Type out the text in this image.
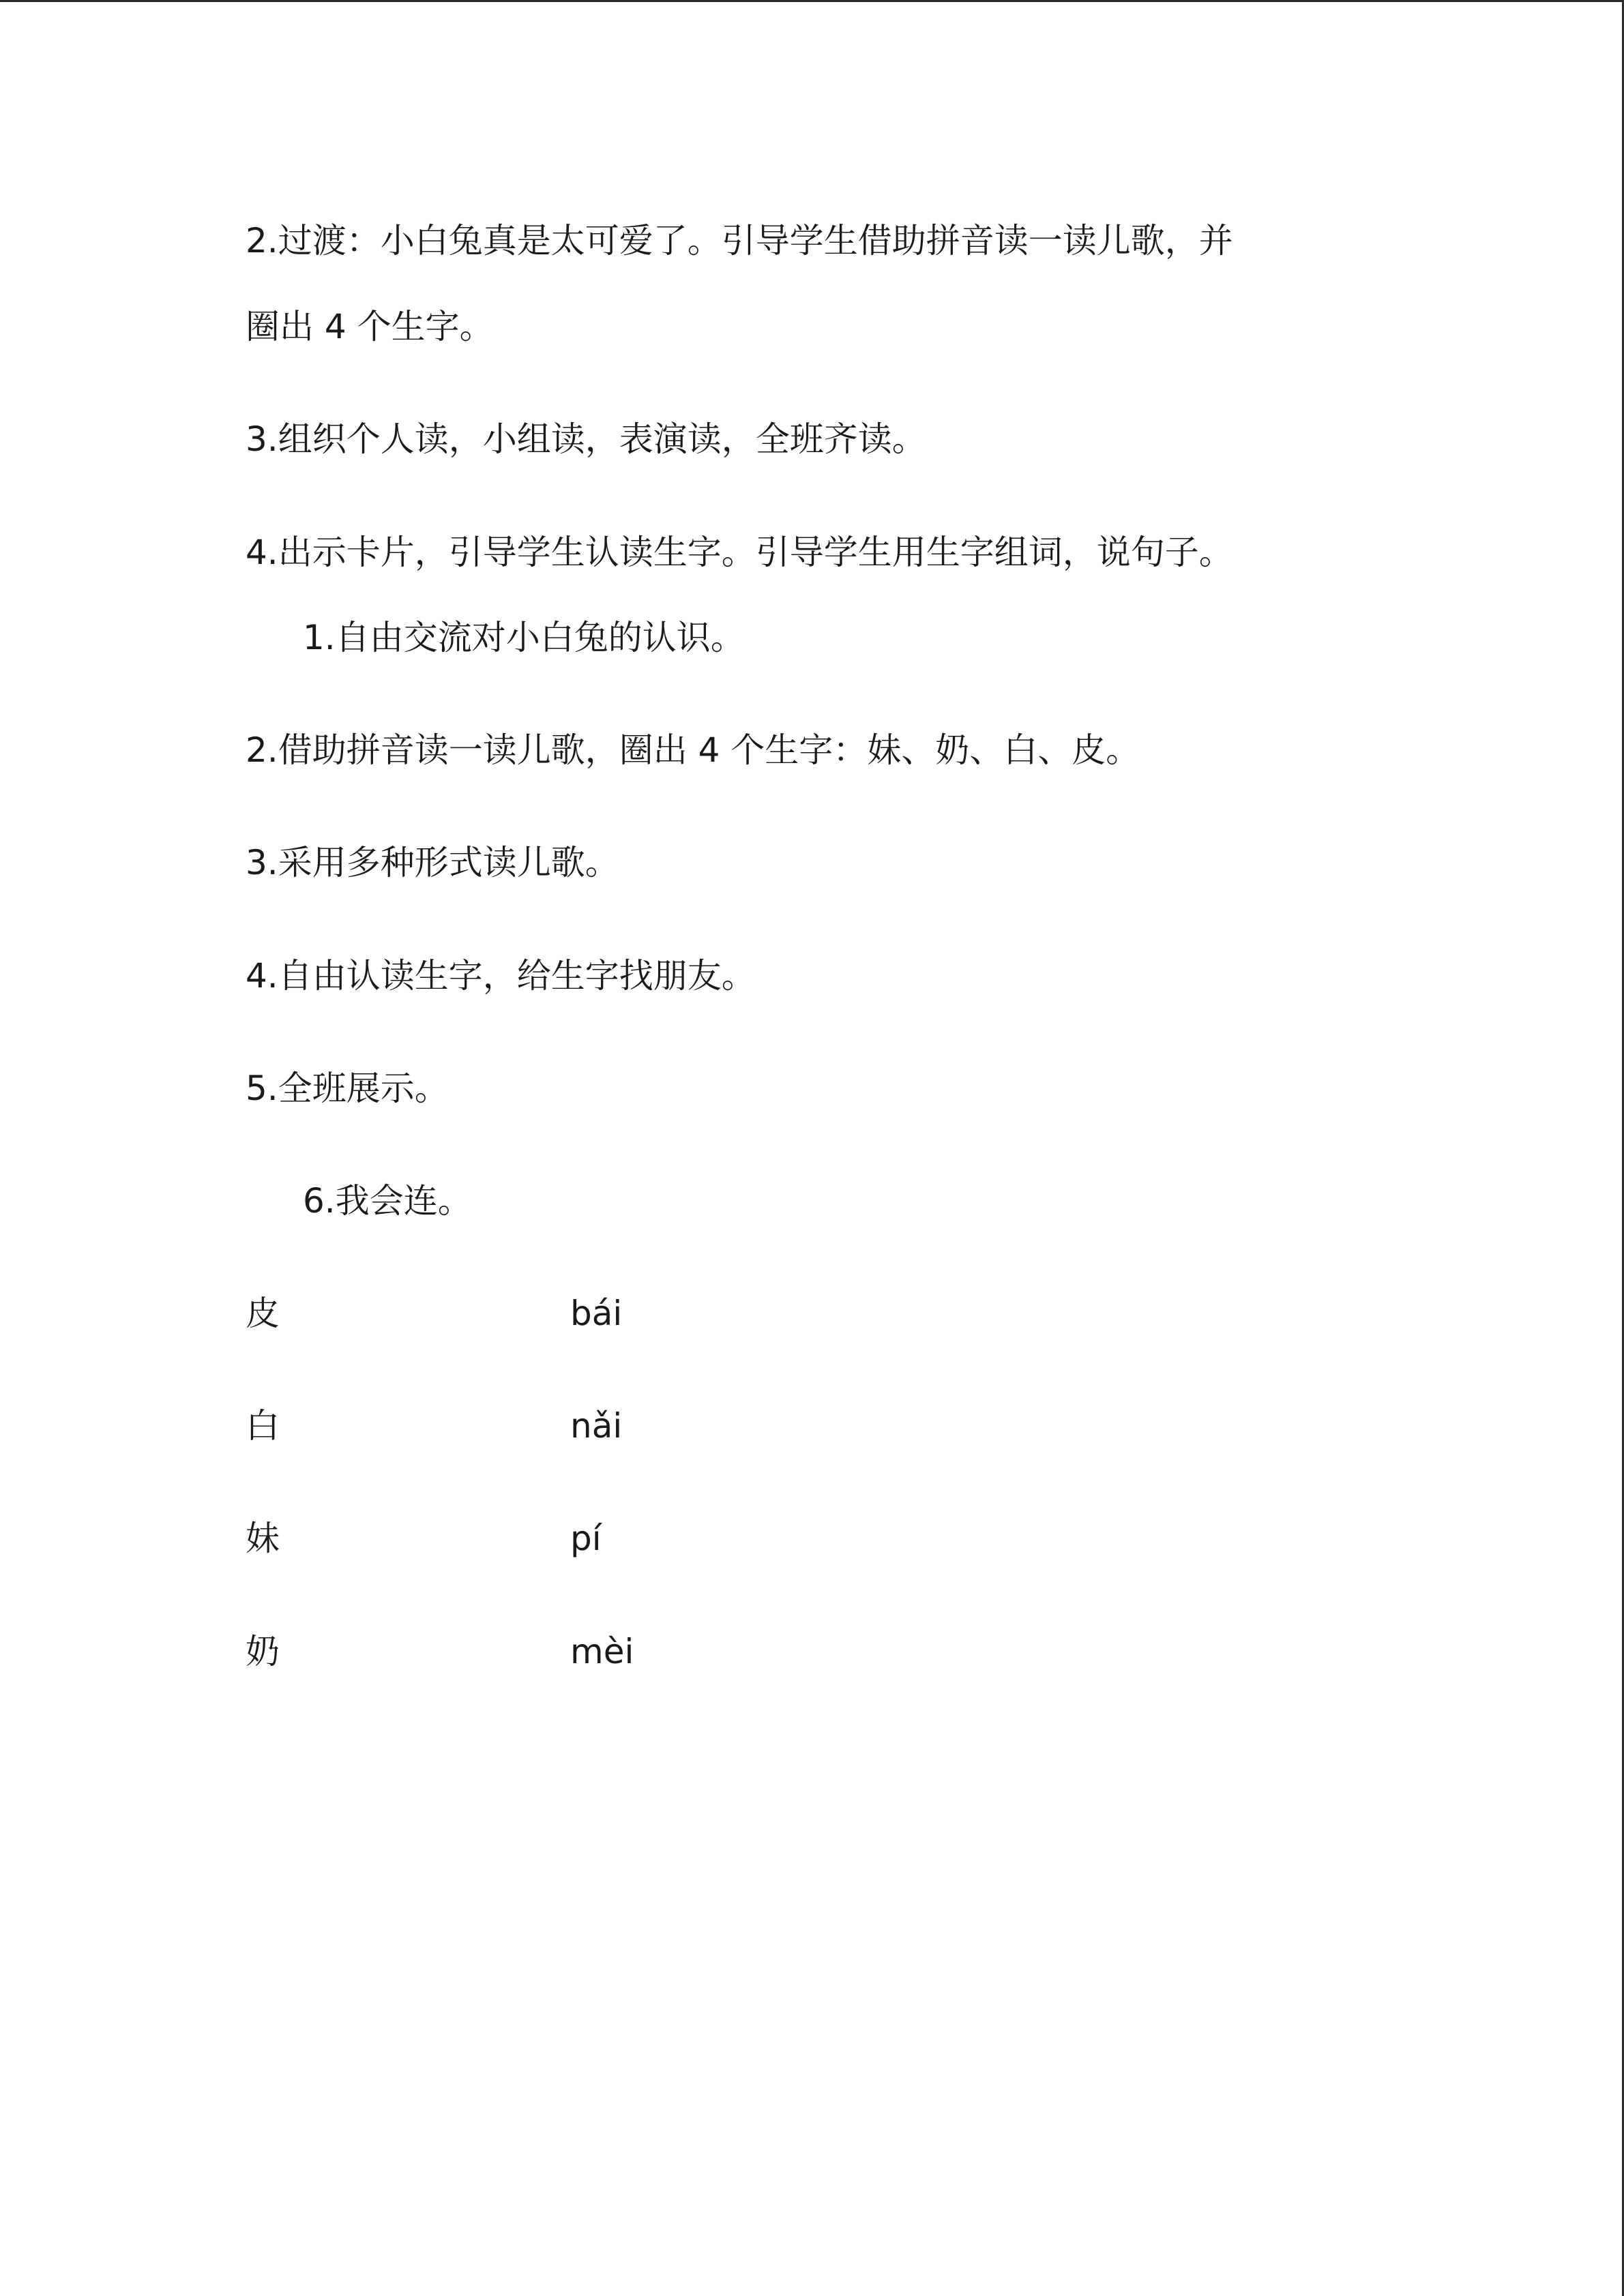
2.过渡：小白兔真是太可爱了。引导学生借助拼音读一读儿歌，并
圈出 4 个生字。
3.组织个人读，小组读，表演读，全班齐读。
4.出示卡片，引导学生认读生字。引导学生用生字组词，说句子。
1.自由交流对小白兔的认识。
2.借助拼音读一读儿歌，圈出 4 个生字：妹、奶、白、皮。
3.采用多种形式读儿歌。
4.自由认读生字，给生字找朋友。
5.全班展示。
6.我会连。
皮	bái
白	nǎi
妹	pí
奶	mèi
